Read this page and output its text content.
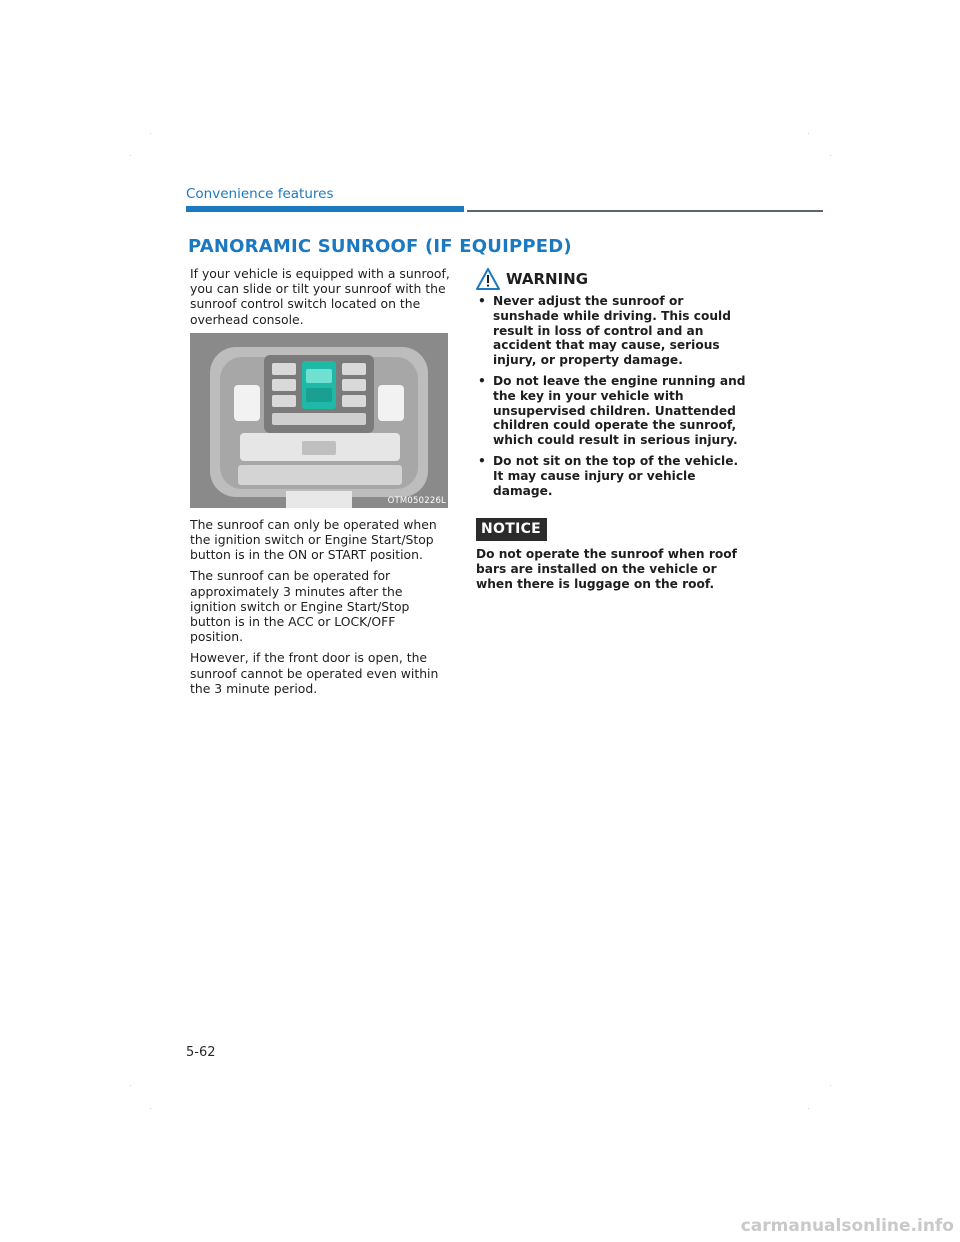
Convenience features
PANORAMIC SUNROOF (IF EQUIPPED)

If your vehicle is equipped with a sunroof, you can slide or tilt your sunroof with the sunroof control switch located on the overhead console.

OTM050226L

The sunroof can only be operated when the ignition switch or Engine Start/Stop button is in the ON or START position.

The sunroof can be operated for approximately 3 minutes after the ignition switch or Engine Start/Stop button is in the ACC or LOCK/OFF position.

However, if the front door is open, the sunroof cannot be operated even within the 3 minute period.

WARNING
• Never adjust the sunroof or sunshade while driving. This could result in loss of control and an accident that may cause, serious injury, or property damage.
• Do not leave the engine running and the key in your vehicle with unsupervised children. Unattended children could operate the sunroof, which could result in serious injury.
• Do not sit on the top of the vehicle. It may cause injury or vehicle damage.
NOTICE

Do not operate the sunroof when roof bars are installed on the vehicle or when there is luggage on the roof.

5-62
carmanualsonline.info
